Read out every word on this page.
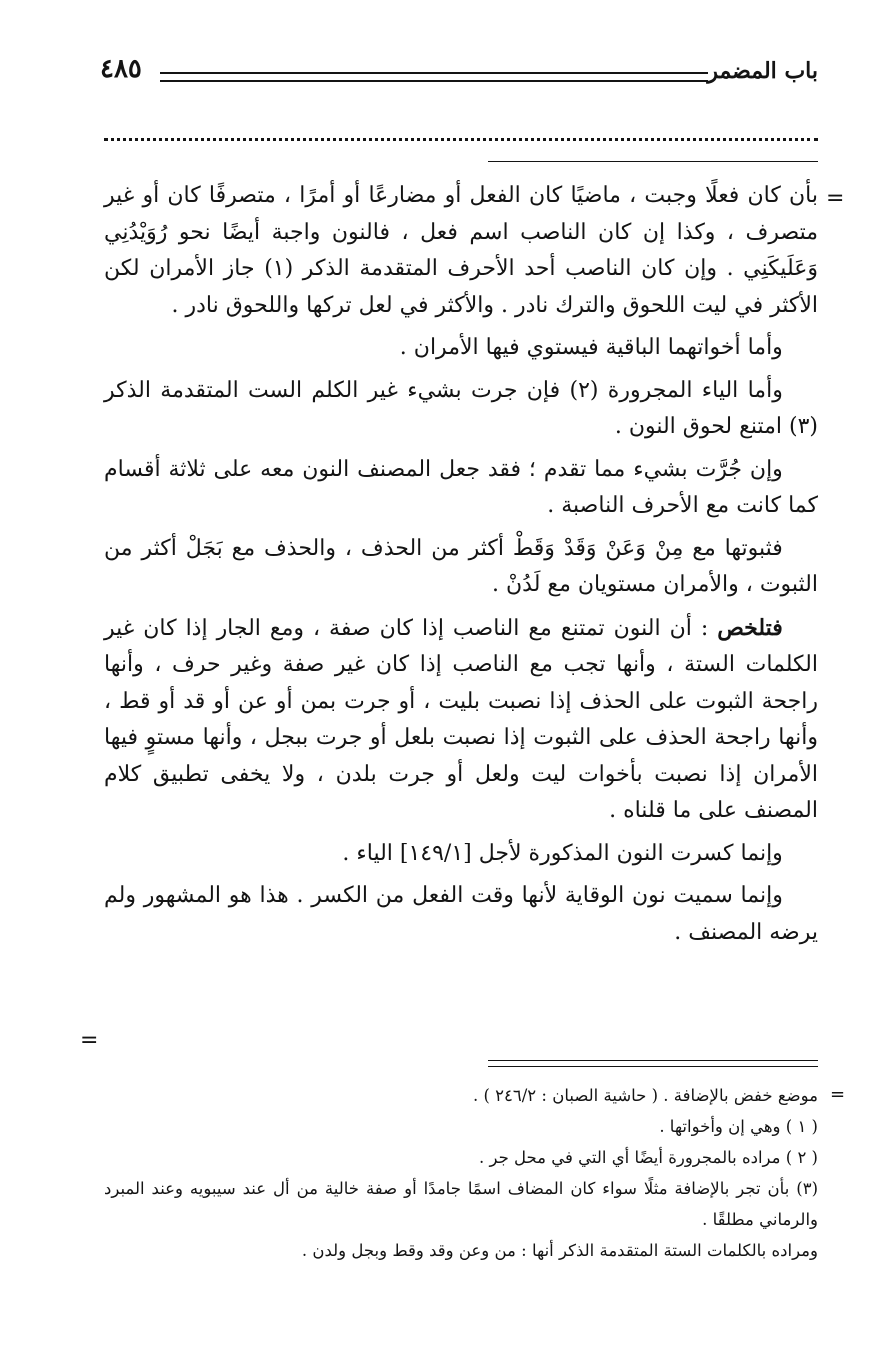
باب المضمر
٤٨٥
=

بأن كان فعلًا وجبت ، ماضيًا كان الفعل أو مضارعًا أو أمرًا ، متصرفًا كان أو غير متصرف ، وكذا إن كان الناصب اسم فعل ، فالنون واجبة أيضًا نحو رُوَيْدُنِي وَعَلَيكَنِي . وإن كان الناصب أحد الأحرف المتقدمة الذكر (١) جاز الأمران لكن الأكثر في ليت اللحوق والترك نادر . والأكثر في لعل تركها واللحوق نادر .

وأما أخواتهما الباقية فيستوي فيها الأمران .

وأما الياء المجرورة (٢) فإن جرت بشيء غير الكلم الست المتقدمة الذكر (٣) امتنع لحوق النون .

وإن جُرَّت بشيء مما تقدم ؛ فقد جعل المصنف النون معه على ثلاثة أقسام كما كانت مع الأحرف الناصبة .

فثبوتها مع مِنْ وَعَنْ وَقَدْ وَقَطْ أكثر من الحذف ، والحذف مع بَجَلْ أكثر من الثبوت ، والأمران مستويان مع لَدُنْ .

فتلخص : أن النون تمتنع مع الناصب إذا كان صفة ، ومع الجار إذا كان غير الكلمات الستة ، وأنها تجب مع الناصب إذا كان غير صفة وغير حرف ، وأنها راجحة الثبوت على الحذف إذا نصبت بليت ، أو جرت بمن أو عن أو قد أو قط ، وأنها راجحة الحذف على الثبوت إذا نصبت بلعل أو جرت ببجل ، وأنها مستوٍ فيها الأمران إذا نصبت بأخوات ليت ولعل أو جرت بلدن ، ولا يخفى تطبيق كلام المصنف على ما قلناه .

وإنما كسرت النون المذكورة لأجل [١٤٩/١] الياء .

وإنما سميت نون الوقاية لأنها وقت الفعل من الكسر . هذا هو المشهور ولم يرضه المصنف .

=
=

موضع خفض بالإضافة . ( حاشية الصبان : ٢٤٦/٢ ) .

( ١ ) وهي إن وأخواتها .

( ٢ ) مراده بالمجرورة أيضًا أي التي في محل جر .

(٣) بأن تجر بالإضافة مثلًا سواء كان المضاف اسمًا جامدًا أو صفة خالية من أل عند سيبويه وعند المبرد والرماني مطلقًا .

ومراده بالكلمات الستة المتقدمة الذكر أنها : من وعن وقد وقط وبجل ولدن .
